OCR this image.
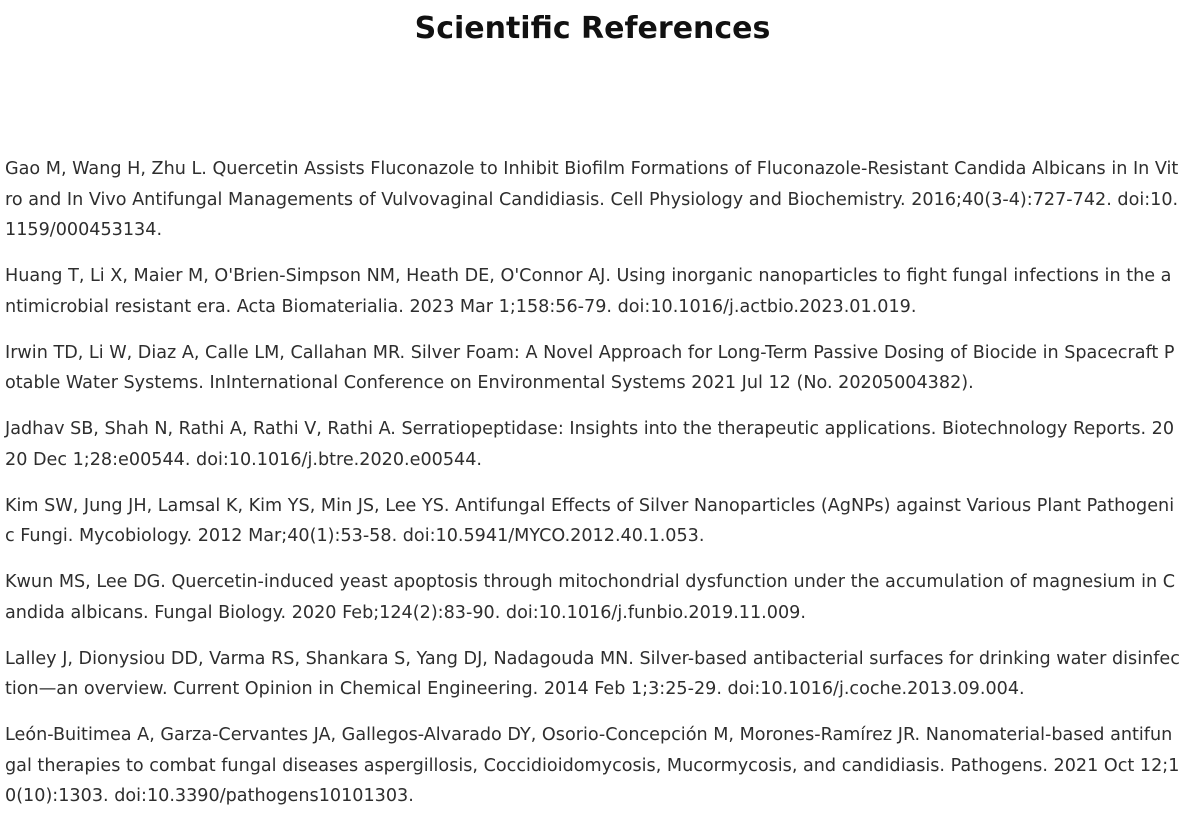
Scientific References
Gao M, Wang H, Zhu L. Quercetin Assists Fluconazole to Inhibit Biofilm Formations of Fluconazole-Resistant Candida Albicans in In Vitro and In Vivo Antifungal Managements of Vulvovaginal Candidiasis. Cell Physiology and Biochemistry. 2016;40(3-4):727-742. doi:10.1159/000453134.
Huang T, Li X, Maier M, O'Brien-Simpson NM, Heath DE, O'Connor AJ. Using inorganic nanoparticles to fight fungal infections in the antimicrobial resistant era. Acta Biomaterialia. 2023 Mar 1;158:56-79. doi:10.1016/j.actbio.2023.01.019.
Irwin TD, Li W, Diaz A, Calle LM, Callahan MR. Silver Foam: A Novel Approach for Long-Term Passive Dosing of Biocide in Spacecraft Potable Water Systems. InInternational Conference on Environmental Systems 2021 Jul 12 (No. 20205004382).
Jadhav SB, Shah N, Rathi A, Rathi V, Rathi A. Serratiopeptidase: Insights into the therapeutic applications. Biotechnology Reports. 2020 Dec 1;28:e00544. doi:10.1016/j.btre.2020.e00544.
Kim SW, Jung JH, Lamsal K, Kim YS, Min JS, Lee YS. Antifungal Effects of Silver Nanoparticles (AgNPs) against Various Plant Pathogenic Fungi. Mycobiology. 2012 Mar;40(1):53-58. doi:10.5941/MYCO.2012.40.1.053.
Kwun MS, Lee DG. Quercetin-induced yeast apoptosis through mitochondrial dysfunction under the accumulation of magnesium in Candida albicans. Fungal Biology. 2020 Feb;124(2):83-90. doi:10.1016/j.funbio.2019.11.009.
Lalley J, Dionysiou DD, Varma RS, Shankara S, Yang DJ, Nadagouda MN. Silver-based antibacterial surfaces for drinking water disinfection—an overview. Current Opinion in Chemical Engineering. 2014 Feb 1;3:25-29. doi:10.1016/j.coche.2013.09.004.
León-Buitimea A, Garza-Cervantes JA, Gallegos-Alvarado DY, Osorio-Concepción M, Morones-Ramírez JR. Nanomaterial-based antifungal therapies to combat fungal diseases aspergillosis, Coccidioidomycosis, Mucormycosis, and candidiasis. Pathogens. 2021 Oct 12;10(10):1303. doi:10.3390/pathogens10101303.
